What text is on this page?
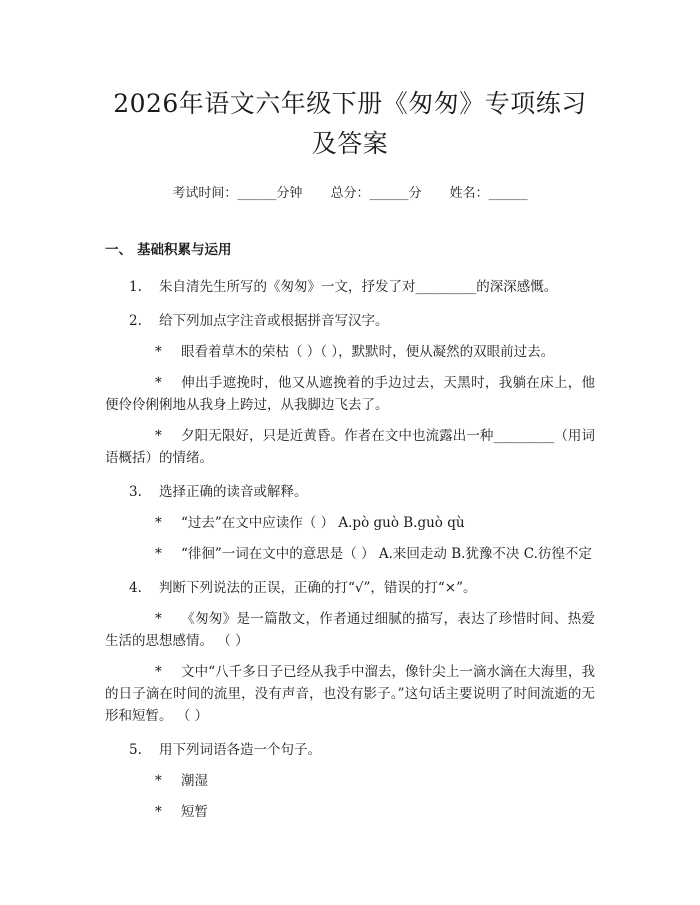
2026年语文六年级下册《匆匆》专项练习及答案
考试时间：______分钟 总分：______分 姓名：______
一、 基础积累与运用
1. 朱自清先生所写的《匆匆》一文，抒发了对_________的深深感慨。
2. 给下列加点字注音或根据拼音写汉字。
* 眼看着草木的荣枯（ ）（ ），默默时，便从凝然的双眼前过去。
* 伸出手遮挽时，他又从遮挽着的手边过去，天黑时，我躺在床上，他便伶伶俐俐地从我身上跨过，从我脚边飞去了。
* 夕阳无限好，只是近黄昏。作者在文中也流露出一种_________（用词语概括）的情绪。
3. 选择正确的读音或解释。
* “过去”在文中应读作（ ） A.pò guò B.guò qù
* “徘徊”一词在文中的意思是（ ） A.来回走动 B.犹豫不决 C.彷徨不定
4. 判断下列说法的正误，正确的打“√”，错误的打“×”。
* 《匆匆》是一篇散文，作者通过细腻的描写，表达了珍惜时间、热爱生活的思想感情。 （ ）
* 文中“八千多日子已经从我手中溜去，像针尖上一滴水滴在大海里，我的日子滴在时间的流里，没有声音，也没有影子。”这句话主要说明了时间流逝的无形和短暂。 （ ）
5. 用下列词语各造一个句子。
* 潮湿
* 短暂
